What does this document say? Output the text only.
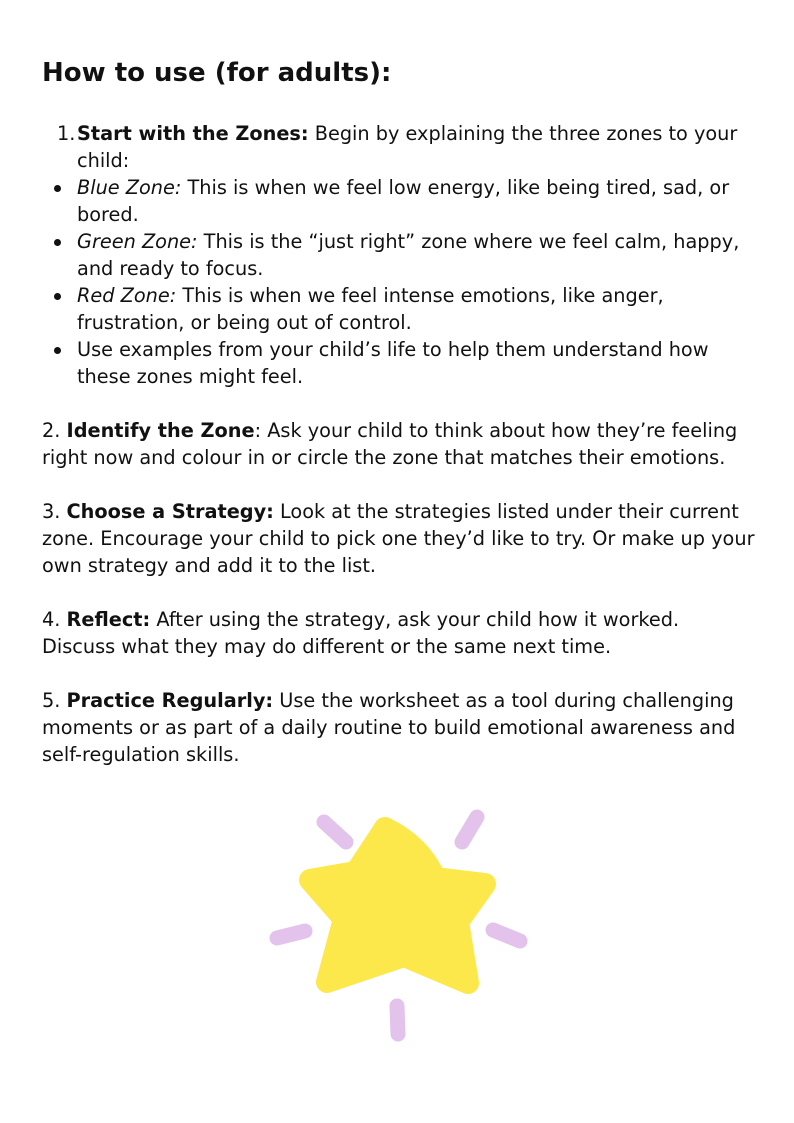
How to use (for adults):
1. Start with the Zones: Begin by explaining the three zones to your child:
Blue Zone: This is when we feel low energy, like being tired, sad, or bored.
Green Zone: This is the “just right” zone where we feel calm, happy, and ready to focus.
Red Zone: This is when we feel intense emotions, like anger, frustration, or being out of control.
Use examples from your child’s life to help them understand how these zones might feel.
2. Identify the Zone: Ask your child to think about how they’re feeling right now and colour in or circle the zone that matches their emotions.
3. Choose a Strategy: Look at the strategies listed under their current zone. Encourage your child to pick one they’d like to try. Or make up your own strategy and add it to the list.
4. Reflect: After using the strategy, ask your child how it worked. Discuss what they may do different or the same next time.
5. Practice Regularly: Use the worksheet as a tool during challenging moments or as part of a daily routine to build emotional awareness and self-regulation skills.
